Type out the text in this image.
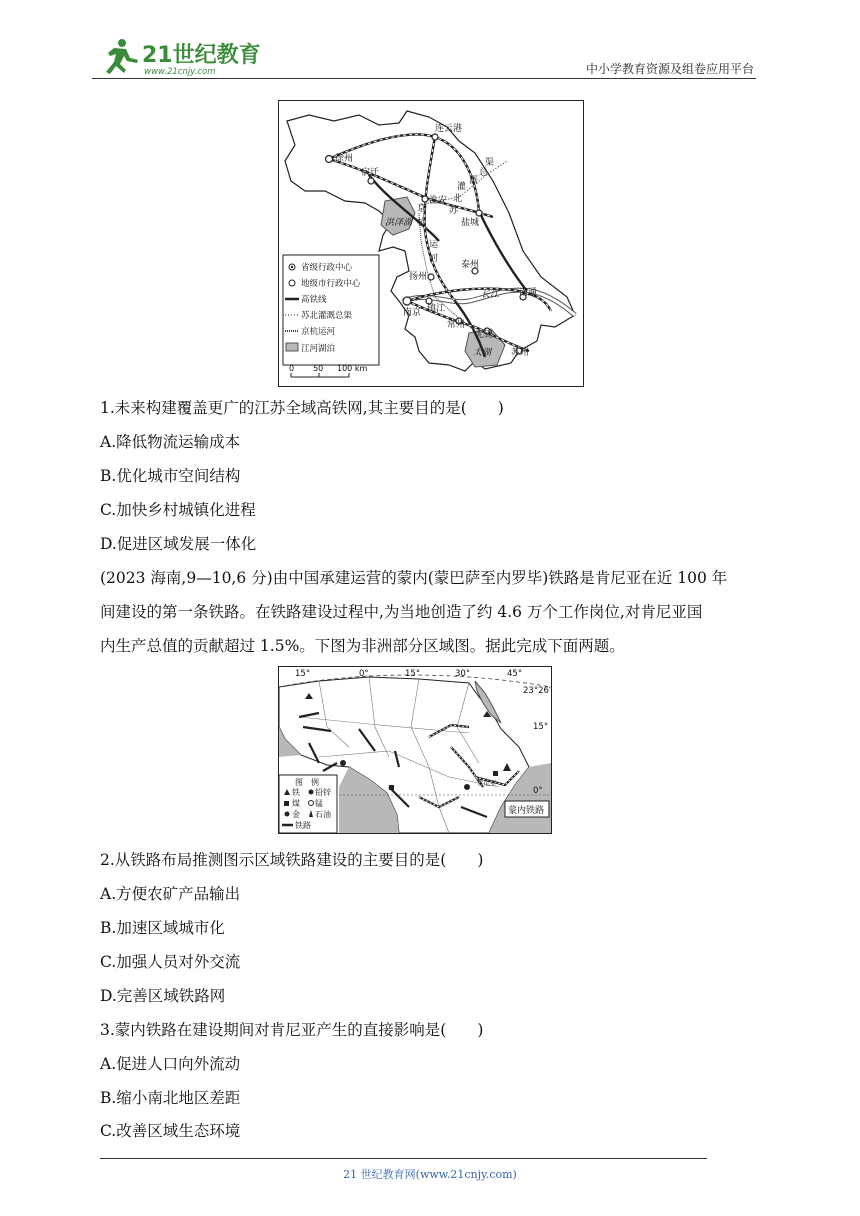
21世纪教育
www.21cnjy.com	中小学教育资源及组卷应用平台
连云港
徐州
宿迁
淮安
盐城
扬州
泰州
镇江
南通
南京
常州
无锡
苏州
洪泽湖
长江
太湖
京
杭
运
河
苏
北
灌
溉
总
渠
省级行政中心
地级市行政中心
高铁线
苏北灌溉总渠
京杭运河
江河湖泊
0 50 100 km
1.未来构建覆盖更广的江苏全域高铁网,其主要目的是(　　)
A.降低物流运输成本
B.优化城市空间结构
C.加快乡村城镇化进程
D.促进区域发展一体化
(2023 海南,9—10,6 分)由中国承建运营的蒙内(蒙巴萨至内罗毕)铁路是肯尼亚在近 100 年
间建设的第一条铁路。在铁路建设过程中,为当地创造了约 4.6 万个工作岗位,对肯尼亚国
内生产总值的贡献超过 1.5%。下图为非洲部分区域图。据此完成下面两题。
15°	0°	15°	30°	45°
23°26′
15°
0°
肯尼亚
蒙内铁路
图　例
铁 铅锌
煤 锰
金 石油
铁路
2.从铁路布局推测图示区域铁路建设的主要目的是(　　)
A.方便农矿产品输出
B.加速区域城市化
C.加强人员对外交流
D.完善区域铁路网
3.蒙内铁路在建设期间对肯尼亚产生的直接影响是(　　)
A.促进人口向外流动
B.缩小南北地区差距
C.改善区域生态环境
21 世纪教育网(www.21cnjy.com)
